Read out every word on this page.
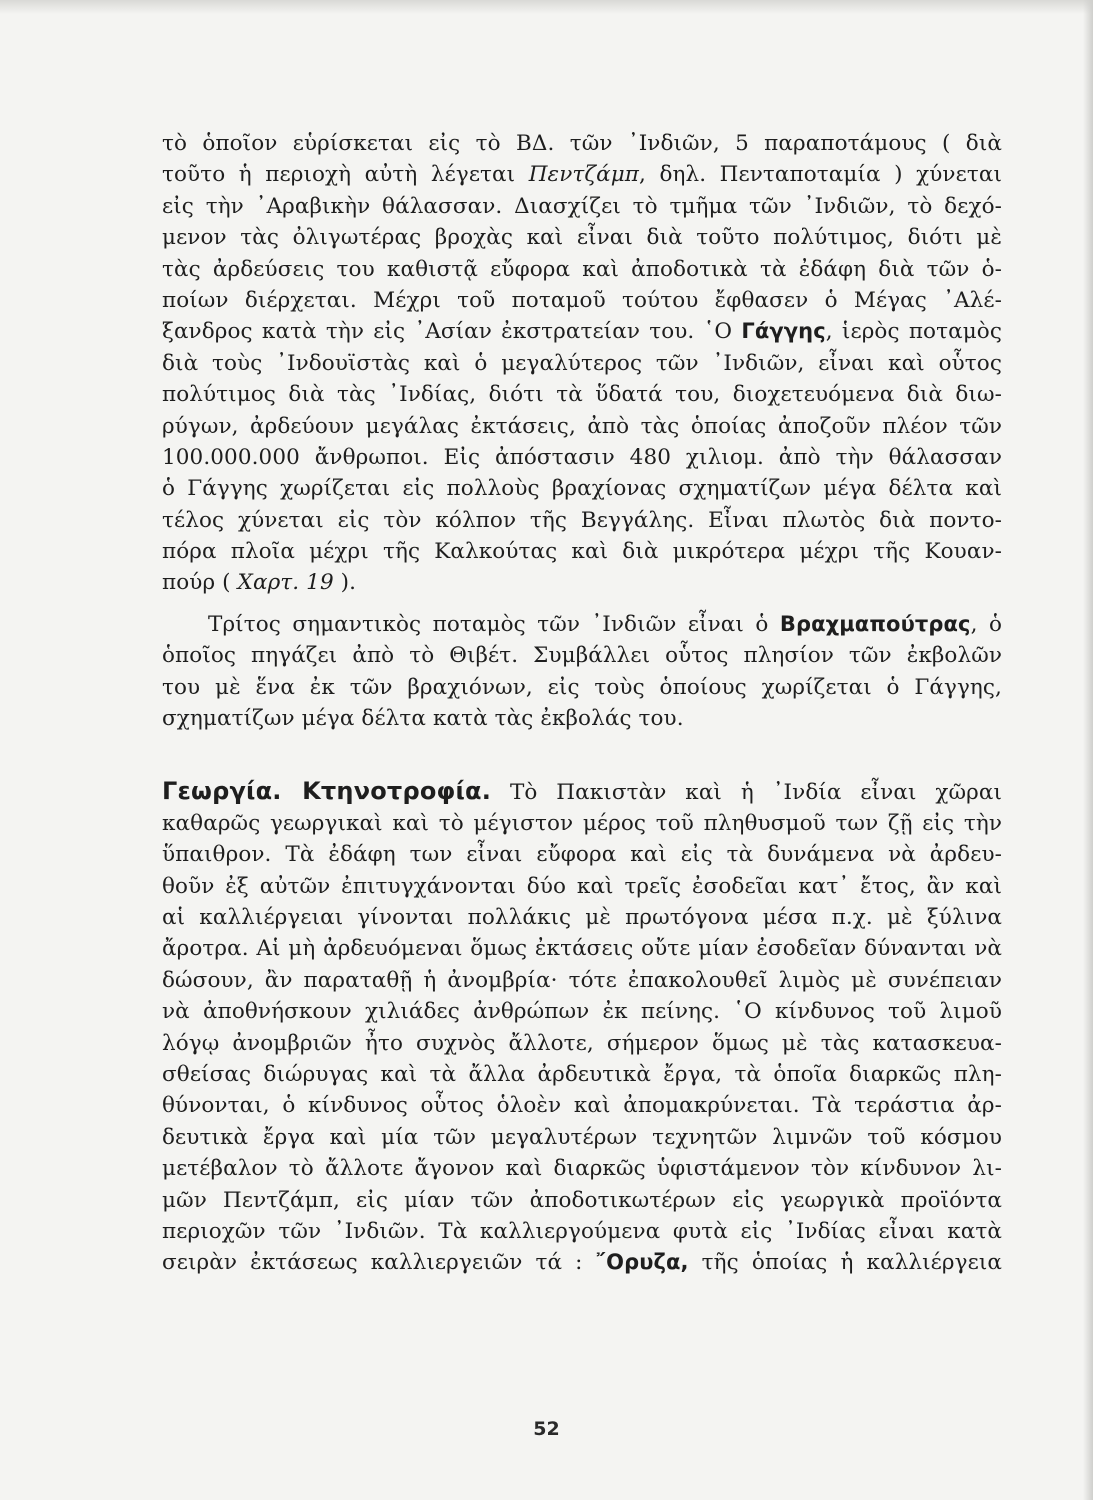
τὸ ὁποῖον εὑρίσκεται εἰς τὸ ΒΔ. τῶν ᾿Ινδιῶν, 5 παραποτάμους ( διὰ
τοῦτο ἡ περιοχὴ αὐτὴ λέγεται Πεντζάμπ, δηλ. Πενταποταμία ) χύνεται
εἰς τὴν ᾿Αραβικὴν θάλασσαν. Διασχίζει τὸ τμῆμα τῶν ᾿Ινδιῶν, τὸ δεχό-
μενον τὰς ὀλιγωτέρας βροχὰς καὶ εἶναι διὰ τοῦτο πολύτιμος, διότι μὲ
τὰς ἀρδεύσεις του καθιστᾷ εὔφορα καὶ ἀποδοτικὰ τὰ ἐδάφη διὰ τῶν ὁ-
ποίων διέρχεται. Μέχρι τοῦ ποταμοῦ τούτου ἔφθασεν ὁ Μέγας ᾿Αλέ-
ξανδρος κατὰ τὴν εἰς ᾿Ασίαν ἐκστρατείαν του. ῾Ο Γάγγης, ἱερὸς ποταμὸς
διὰ τοὺς ᾿Ινδουϊστὰς καὶ ὁ μεγαλύτερος τῶν ᾿Ινδιῶν, εἶναι καὶ οὗτος
πολύτιμος διὰ τὰς ᾿Ινδίας, διότι τὰ ὕδατά του, διοχετευόμενα διὰ διω-
ρύγων, ἀρδεύουν μεγάλας ἐκτάσεις, ἀπὸ τὰς ὁποίας ἀποζοῦν πλέον τῶν
100.000.000 ἄνθρωποι. Εἰς ἀπόστασιν 480 χιλιομ. ἀπὸ τὴν θάλασσαν
ὁ Γάγγης χωρίζεται εἰς πολλοὺς βραχίονας σχηματίζων μέγα δέλτα καὶ
τέλος χύνεται εἰς τὸν κόλπον τῆς Βεγγάλης. Εἶναι πλωτὸς διὰ ποντο-
πόρα πλοῖα μέχρι τῆς Καλκούτας καὶ διὰ μικρότερα μέχρι τῆς Κουαν-
πούρ ( Χαρτ. 19 ).
Τρίτος σημαντικὸς ποταμὸς τῶν ᾿Ινδιῶν εἶναι ὁ Βραχμαπούτρας, ὁ
ὁποῖος πηγάζει ἀπὸ τὸ Θιβέτ. Συμβάλλει οὗτος πλησίον τῶν ἐκβολῶν
του μὲ ἕνα ἐκ τῶν βραχιόνων, εἰς τοὺς ὁποίους χωρίζεται ὁ Γάγγης,
σχηματίζων μέγα δέλτα κατὰ τὰς ἐκβολάς του.
Γεωργία. Κτηνοτροφία. Τὸ Πακιστὰν καὶ ἡ ᾿Ινδία εἶναι χῶραι
καθαρῶς γεωργικαὶ καὶ τὸ μέγιστον μέρος τοῦ πληθυσμοῦ των ζῇ εἰς τὴν
ὕπαιθρον. Τὰ ἐδάφη των εἶναι εὔφορα καὶ εἰς τὰ δυνάμενα νὰ ἀρδευ-
θοῦν ἐξ αὐτῶν ἐπιτυγχάνονται δύο καὶ τρεῖς ἐσοδεῖαι κατ᾿ ἔτος, ἂν καὶ
αἱ καλλιέργειαι γίνονται πολλάκις μὲ πρωτόγονα μέσα π.χ. μὲ ξύλινα
ἄροτρα. Αἱ μὴ ἀρδευόμεναι ὅμως ἐκτάσεις οὔτε μίαν ἐσοδεῖαν δύνανται νὰ
δώσουν, ἂν παραταθῇ ἡ ἀνομβρία· τότε ἐπακολουθεῖ λιμὸς μὲ συνέπειαν
νὰ ἀποθνήσκουν χιλιάδες ἀνθρώπων ἐκ πείνης. ῾Ο κίνδυνος τοῦ λιμοῦ
λόγῳ ἀνομβριῶν ἦτο συχνὸς ἄλλοτε, σήμερον ὅμως μὲ τὰς κατασκευα-
σθείσας διώρυγας καὶ τὰ ἄλλα ἀρδευτικὰ ἔργα, τὰ ὁποῖα διαρκῶς πλη-
θύνονται, ὁ κίνδυνος οὗτος ὁλοὲν καὶ ἀπομακρύνεται. Τὰ τεράστια ἀρ-
δευτικὰ ἔργα καὶ μία τῶν μεγαλυτέρων τεχνητῶν λιμνῶν τοῦ κόσμου
μετέβαλον τὸ ἄλλοτε ἄγονον καὶ διαρκῶς ὑφιστάμενον τὸν κίνδυνον λι-
μῶν Πεντζάμπ, εἰς μίαν τῶν ἀποδοτικωτέρων εἰς γεωργικὰ προϊόντα
περιοχῶν τῶν ᾿Ινδιῶν. Τὰ καλλιεργούμενα φυτὰ εἰς ᾿Ινδίας εἶναι κατὰ
σειρὰν ἐκτάσεως καλλιεργειῶν τά : ῎Ορυζα, τῆς ὁποίας ἡ καλλιέργεια
52
